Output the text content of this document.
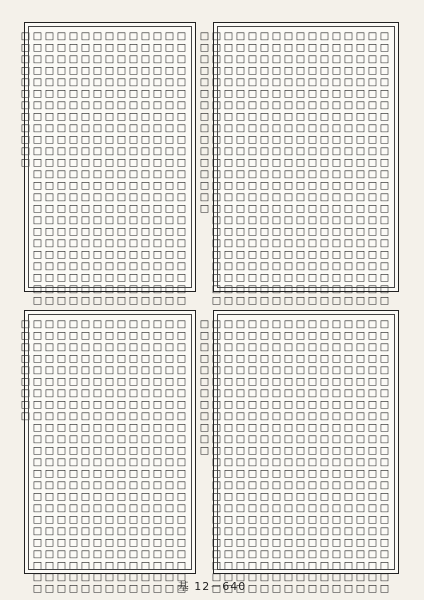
□□□□□□□□□□□□□□□□□□□□□□□□
□□□□□□□□□□□□□□□□□□□□□□□□
□□□□□□□□□□□□□□□□□□□□□□□□
□□□□□□□□□□□□□□□□□□□□□□□□
□□□□□□□□□□□□□□□□□□□□□□□□
□□□□□□□□□□□□□□□□□□□□□□□□
□□□□□□□□□□□□□□□□□□□□□□□□
□□□□□□□□□□□□□□□□□□□□□□□□
□□□□□□□□□□□□□□□□□□□□□□□□
□□□□□□□□□□□□□□□□□□□□□□□□
□□□□□□□□□□□□□□□□□□□□□□□□
□□□□□□□□□□□□□□□□□□□□□□□□
□□□□□□□□□□□□□□□□□□□□□□□□
□□□□□□□□□□□□□□□□□□□□□□□□
□□□□□□□□□□□□□□□□□□□□□□□□
□□□□□□□□□□□□□□□□
□□□□□□□□□□□□□□□□□□□□□□□□
□□□□□□□□□□□□□□□□□□□□□□□□
□□□□□□□□□□□□□□□□□□□□□□□□
□□□□□□□□□□□□□□□□□□□□□□□□
□□□□□□□□□□□□□□□□□□□□□□□□
□□□□□□□□□□□□□□□□□□□□□□□□
□□□□□□□□□□□□□□□□□□□□□□□□
□□□□□□□□□□□□□□□□□□□□□□□□
□□□□□□□□□□□□□□□□□□□□□□□□
□□□□□□□□□□□□□□□□□□□□□□□□
□□□□□□□□□□□□□□□□□□□□□□□□
□□□□□□□□□□□□□□□□□□□□□□□□
□□□□□□□□□□□□□□□□□□□□□□□□
□□□□□□□□□□□□
□□□□□□□□□□□□□□□□□□□□□□□□
□□□□□□□□□□□□□□□□□□□□□□□□
□□□□□□□□□□□□□□□□□□□□□□□□
□□□□□□□□□□□□□□□□□□□□□□□□
□□□□□□□□□□□□□□□□□□□□□□□□
□□□□□□□□□□□□□□□□□□□□□□□□
□□□□□□□□□□□□□□□□□□□□□□□□
□□□□□□□□□□□□□□□□□□□□□□□□
□□□□□□□□□□□□□□□□□□□□□□□□
□□□□□□□□□□□□□□□□□□□□□□□□
□□□□□□□□□□□□□□□□□□□□□□□□
□□□□□□□□□□□□□□□□□□□□□□□□
□□□□□□□□□□□□□□□□□□□□□□□□
□□□□□□□□□□□□□□□□□□□□□□□□
□□□□□□□□□□□□□□□□□□□□□□□□
□□□□□□□□□□□□
□□□□□□□□□□□□□□□□□□□□□□□□
□□□□□□□□□□□□□□□□□□□□□□□□
□□□□□□□□□□□□□□□□□□□□□□□□
□□□□□□□□□□□□□□□□□□□□□□□□
□□□□□□□□□□□□□□□□□□□□□□□□
□□□□□□□□□□□□□□□□□□□□□□□□
□□□□□□□□□□□□□□□□□□□□□□□□
□□□□□□□□□□□□□□□□□□□□□□□□
□□□□□□□□□□□□□□□□□□□□□□□□
□□□□□□□□□□□□□□□□□□□□□□□□
□□□□□□□□□□□□□□□□□□□□□□□□
□□□□□□□□□□□□□□□□□□□□□□□□
□□□□□□□□□□□□□□□□□□□□□□□□
□□□□□□□□□
基 12－640
